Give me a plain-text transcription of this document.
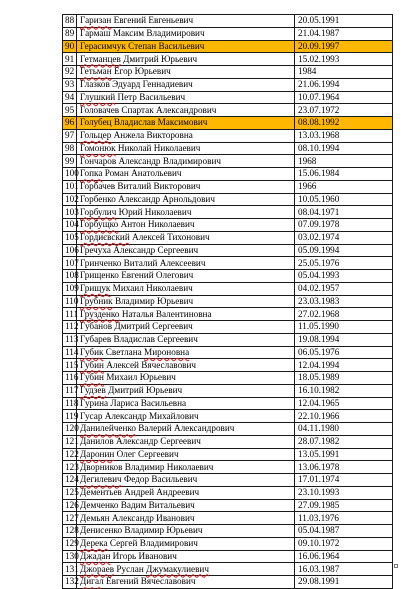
88	Гаризан Евгений Евгеньевич	20.05.1991
89	Гармаш Максим Владимирович	21.04.1987
90	Герасимчук Степан Васильевич	20.09.1997
91	Гетманцев Дмитрий Юрьевич	15.02.1993
92	Гетьман Егор Юрьевич	1984
93	Глазков Эдуард Геннадиевич	21.06.1994
94	Глушкий Петр Васильевич	10.07.1964
95	Головачев Спартак Александрович	23.07.1972
96	Голубец Владислав Максимович	08.08.1992
97	Гольцер Анжела Викторовна	13.03.1968
98	Гомонюк Николай Николаевич	08.10.1994
99	Гончаров Александр Владимирович	1968
100	Гопка Роман Анатольевич	15.06.1984
101	Горбачев Виталий Викторович	1966
102	Горбенко Александр Арнольдович	10.05.1960
103	Горбулич Юрий Николаевич	08.04.1971
104	Горбущко Антон Николаевич	07.09.1978
105	Гордиєвский Алексей Тихонович	03.02.1974
106	Гречуха Александр Сергеевич	05.09.1994
107	Гринченко Виталий Алексеевич	25.05.1976
108	Грищенко Евгений Олегович	05.04.1993
109	Грищук Михаил Николаевич	04.02.1957
110	Грубник Владимир Юрьевич	23.03.1983
111	Грузденко Наталья Валентиновна	27.02.1968
112	Губанов Дмитрий Сергеевич	11.05.1990
113	Губарев Владислав Сергеевич	19.08.1994
114	Губик Светлана Мироновна	06.05.1976
115	Губин Алексей Вячеславович	12.04.1994
116	Губин Михаил Юрьевич	18.05.1989
117	Гудзев Дмитрий Юрьевич	16.10.1982
118	Гурина Лариса Васильевна	12.04.1965
119	Гусар Александр Михайлович	22.10.1966
120	Данилейченко Валерий Александрович	04.11.1980
121	Данилов Александр Сергеевич	28.07.1982
122	Даронин Олег Сергеевич	13.05.1991
123	Дворников Владимир Николаевич	13.06.1978
124	Дегилевич Федор Васильевич	17.01.1974
125	Дементьев Андрей Андреевич	23.10.1993
126	Демченко Вадим Витальевич	27.09.1985
127	Демьян Александр Иванович	11.03.1976
128	Денисенко Владимир Юрьевич	05.04.1987
129	Дерека Сергей Владимирович	09.10.1972
130	Джадан Игорь Иванович	16.06.1964
131	Джораев Руслан Джумакулиевич	16.03.1987
132	Дигал Евгений Вячеславович	29.08.1991
